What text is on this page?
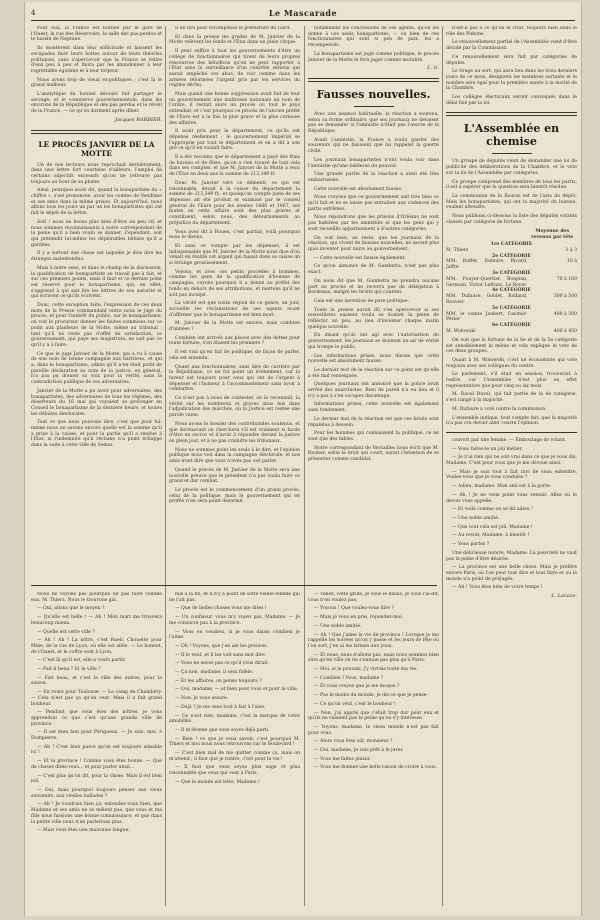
4	Le Mascarade

Pour eux, la France est bornée par le gare de l'Ouest, la rue des Réservoirs, la salle des pas-perdus et le bassin de Neptune.

Ils montèrent dans leur sollicitude et laissent les escapades fixer leurs bottes autour de leurs théories politiques, sans s'apercevoir que la France se retire d'eux peu à peu et finira par les abandonner à leur regrettable égoïsme et à leur torpeur.

Nous avons trop de vieux ex-politiques ; c'est là le grand malheur.

L'analytique du bonnet dérouté fait partager le servage, et le commerce gouvernementale, dans les environs de la République et des pas perdus et le réveil de la France, — ou qu'on dorment après dîner.

Jacques BARBIER.
LE PROCÈS JANVIER DE LA MOTTE

Un de nos lecteurs nous reprochait dernièrement, dans une lettre fort courtoise d'ailleurs, l'emploi de certains adjectifs excessifs qu'on ne retrouve pas toujours au bout de sa plume.

Ainsi, pourquoi avoir dit, quand la bonapartiste du « chiffre », s'est prononcée, avoir les comtes de Vendôme et ses amis dans la même prison. Et aujourd'hui, nous allons tous les jours un par un les bonapartistes qui ont fait le dépôt de la lettre.

Soit ! nous ne lisons plus bien d'être un peu vif, et nous sommes reconnaissants à notre correspondant de la peine qu'il a bien voulu se donner. Cependant, soit qui prétendit lui-même les déplorables bêtises qu'il a gardées.

Il y a surtout une chose sur laquelle je dois dire les étranges malentendus.

Mais à notre sens, et dans le champ de la discussion, la qualification de bonapartiste au travail pas à fait, et sur ces premiers points, mais il faut et ce dernier point est réservé pour le bonapartisme, qui, en effet, s'apprend à qui sait lire les lettres de son autorité et qui écrivent ce qu'ils écrivent.

Donc, cette exception faite, l'expression de ces deux mots de la Presse commandant entre nous le juge du procès, et pour l'intérêt du public, sur le bonapartisme, on voit le procureur donner les fautes commises sur ce point aux plaideurs de la Motte, même au tribunal : tant qu'il ne reste pas d'effet de satisfaction, ce gouvernement, qui paye ses magistrats, ne sait pas ce qu'il y a à faire.

Ce que le juge Janvier de la Motte, qui a vu à cause de son nom de bonne compagnie aux barrières, et qui a, dans le bonapartisme, admis qu'il n'en était point de pareille déclaration au nom de la justice, en général, n'a pas pu donner sa voix pour la vérité, sans la contradiction publique de ces adversaires.

Janvier de la Motte a pu avoir pour adversaires, des bonapartistes, des adversaires de tous les régimes, des déserteurs du 16 mai qui voyaient se prolonger en Conseil le bonapartisme de la dernière heure, et toutes les défaites électorales.

Tout ce que nous pouvons dire, c'est que pour lui-même nous ne savons encore quelle est la somme qu'il a prise à la caisse, et pour la partie qu'il a rendue à l'État, si l'indemnité qu'il réclame n'a point échappé dans la suite à cette ville de Sedan.

Il en tira pour récompense le préfecture du Gard.

Et dans la presse les grades de M. Janvier de la Motte relèvent les fonds et l'État dans un plein cirque.

Il peut suffire à tout les gouvernements d'être un collège de fonctionnaires qui tirent de leurs propres ressources des bénéfices qu'on ne peut rapporter à l'État sans la surveillance d'un contrôle sérieux qui aurait empêché ces abus, de voir comme dans les armées réformées l'argent pris par les services du régime déchu.

Mais quand une bonne suppression avait fait de tout un gouvernement une maîtresse nationale au nom de l'ordre, il restait alors un procès où tout le pays entendait, et c'est pourquoi ce procès de l'ancien préfet de l'Eure est à la fois la plus grave et la plus curieuse des affaires.

Il avait pris pour le département, ce qu'ils ont dépensé réellement : le gouvernement impérial se l'approprie par tout le département et en a dit à son gré ce qu'il en voulait faire.

Il a été reconnu que le département a payé des frais de bureau et de fêtes, qu'on a rien trouvé de tout cela dans ses comptes, et que M. Janvier de la Motte a reçu de l'État en deux ans la somme de 213,349 fr.

Donc M. Janvier vers ce démenti, ce qui est raisonnable, devait à la caisse du département la somme de 213,349 fr., et quoiqu'un compte juste de ses dépenses ait été produit et examiné par le conseil général de l'Eure pour les années 1866 et 1867, ses fautes en cette affaire sont des plus graves et constituent, selon nous, des détournements au préjudice du département.

Vous avez dit à Rouen, c'est partial, voilà pourquoi nous le disons.

Et sans ce compte par les dépenses, il est indispensable que M. Janvier de la Motte nous dise d'où venait en réalité cet argent qui faisait dans sa caisse un si étrange grossissement.

Voyons, et avec ces petits procédés à hommes, comme les gens de la qualification d'homme de campagne, voyons pourquoi il a donné au préfet des fonds en dehors de ses attributions, et mettons qu'il ne soit pas inculpé.

La vérité est que toute région de ce genre, un jour, accueille les réclamations de ses agents avant d'affirmer que le bonapartisme est bien mort.

M. Janvier de la Motte est encore, mais combien d'années ?

Combien ont arrivés aux places avec des dettes pour toute fortune, s'en étaient les premiers ?

Il est vrai qu'en fait de politique, de façon de parler, cela est entendu.

Quant aux fonctionnaires, sans dire de carrière par la République, ce ne fut point un événement, car la faveur est toujours pour ceux qui ont de l'argent à dépenser et l'humeur à l'accommodement sans avoir à combattre.

Ce n'est pas à nous de contester, on le reconnaît, la vérité sur les nombreux et graves abus mis dans l'adjudication des marchés, où la Justice est restée une parole vaine.

Nous avons le dossier des contrebandes soutenus, et que dorénavant on cherchera s'il est vraiment si facile d'être un escroc et d'avoir à répondre devant la justice en plein jour, et à ne pas craindre les tribunaux.

Nous ne sommes point les seuls à le dire, et l'opinion publique nous voit dans la campagne électorale, et nos amis iront dire que vous n'avez pas osé parler.

Quand le procès de M. Janvier de la Motte sera une nouvelle preuve que le président n'a pas voulu faire ce grand et dur combat.

Le procès est le commencement d'un grand procès, celui de la politique, mais le gouvernement qui en profite n'en sera point désarmé.

notamment les concessions de ces agents, qu'on les donne à ces seuls bonapartistes, — ou bien de ces fonctionnaires qui sont si peu de paix, les a récompensés.

La bonapartisme est jugé comme politique, le procès Janvier de la Motte le fera juger comme moralité.

L. G.
Fausses nouvelles.

Avec une aisance habituelle, la réaction a soutenu, selon sa forme ordinaire, que ses journaux ne devaient pas se demander si l'amnistie n'était pas l'œuvre de la République.

Avant l'amnistie, la France a voulu garder des souvenirs qui ne faisaient que lui rappeler la guerre civile.

Les journaux bonapartistes n'ont voulu voir dans l'amnistie qu'une faiblesse du pouvoir.

Une grande partie de la réaction a ainsi été très embarrassée.

Cette nouvelle est absolument fausse.

Nous croyons que ce gouvernement sait très bien ce qu'il fait et ne se laisse pas entraîner aux violences des partis extrêmes.

Nous répondrons que les prisons d'Orléans ne sont pas habitées par les amnistiés et que les gens qui y sont recueillis appartiennent à d'autres catégories.

On voit bien, au reste, que les journaux de la réaction, qui vivent de fausses nouvelles, ne savent plus quoi inventer pour nuire au gouvernement.

— Cette nouvelle est fausse également.

Ce qu'on annonce de M. Gambetta, n'est pas plus exact.

On nous dit que M. Gambetta ne prendra aucune part au procès et ne recevra pas de délégation à Bordeaux, malgré les bruits qui courent.

Cela est une invention de pure politique.

Toute la presse aurait dû s'en apercevoir si ses nouvellistes eussent voulu se donner la peine de réfléchir un peu, au lieu d'inventer chaque matin quelque nouvelle.

En disant qu'ils ont agi avec l'autorisation du gouvernement, les journaux se donnent un air de vérité qui trompe le public.

Les informations prises, nous disons que cette nouvelle est absolument fausse.

Le dernier mot de la réaction sur ce point est qu'elle a été mal renseignée.

Quelques journaux ont annoncé que la police avait arrêté des anarchistes. Rien de pareil n'a eu lieu et il n'y a pas à s'en occuper davantage.

Informations prises, cette nouvelle est également sans fondement.

Le dernier mot de la réaction est que ces bruits sont répandus à dessein.

Pour les hommes qui connaissent la politique, ce ne sont que des fables.

Notre correspondant de Versailles nous écrit que M. Rouher, selon le bruit qui court, aurait l'intention de se présenter comme candidat.

n'est-il pas à ce qu'on le croit, toujours bien dans le rôle des Piétons.

Le renouvellement partiel de l'Assemblée vient d'être décidé par la Commission.

Ce renouvellement sera fait par catégories de députés.

Le tirage au sort, qui aura lieu dans les trois derniers jours de ce mois, désignera les membres sortants et le nombre sera égal pour la première année à la moitié de la Chambre.

Les collèges électoraux seront convoqués dans le délai fixé par la loi.

L'Assemblée en chemise

Un groupe de députés vient de demander une loi de publicité des délibérations de la Chambre, et le vote sur la loi de l'Assemblée par catégories.

Ce groupe comprend des membres de tous les partis, il est à espérer que la question sera bientôt résolue.

La commission de la Bourse est de l'avis du dépôt. Mais les bonapartistes, qui ont la majorité du bureau, veulent attendre.

Nous publions ci-dessous la liste des députés votants classés par catégorie de fortune.

	Moyenne des revenus par tête
1re CATÉGORIE	
M. Thiers	1 à 3
2e CATÉGORIE	
MM. Buffet, Dufaure, Ricard, Jaffré	10 à
3e CATÉGORIE	
MM. Pouyer-Quertier, Bonjean, Germain, Victor Lefranc, Le Royer	70 à 100
4e CATÉGORIE	
MM. Dufaure, Goblet, Rolland, Rouvier	300 à 500
5e CATÉGORIE	
MM. le comte Jaubert, Casimir-Périer	400 à 500
6e CATÉGORIE	
M. Wolowski	400 à 450

On voit que la fortune de la 6e et de la 5e catégorie est sensiblement la même et cela explique le vote de ces deux groupes.

Quant à M. Wolowski, c'est un économiste qui vote toujours avec ses collègues du centre.

Le parlement, s'il était en session, trouverait à redire, car l'Assemblée n'est plus en effet représentative que pour cinq ou six mois.

M. Raoul Duval, qui fait partie de la 4e catégorie, s'est rangé à la majorité.

M. Dufaure a voté contre la commission.

L'ensemble indique, tout compte fait, que la majorité n'a pas cru devoir aller contre l'opinion.

couvert par une femme. — Emboutage de volant.

— Vous faites-le un joli métier.

— Je n'ai rien qui ne soit vrai dans ce que je vous dis, Madame. C'est pour vous que je me dévoue ainsi.

— Mais je suis tout à fait ravi de vous entendre. Voulez-vous que je vous conduise ?

— Adieu, madame. Mon ami est à la porte.

— Ah ! Je ne veux point vous retenir. Allez où le devoir vous appelle.

— Et voilà comme on se dit adieu !

— Une noble amitié.

— Que tout cela est joli, Madame !

— Au revoir, Madame, à bientôt !

— Vous partez ?

Une délicieuse nature, Madame. La pauvreté ne vaut pas la peine d'être désirée.

— La province est une belle chose. Mais je préfère encore Paris, où l'on peut tout dire et tout faire et où le monde n'a point de préjugés.

— Ah ! Vous êtes bien de votre temps !

L. Lacaze.

Nous ne voyons pas pourquoi ne pas faire comme eux, M. Thiers. Nous le trouvons gai.

— Oui, allons que le moyen ?

— Qu'elle est belle ! — Ah ! Mon mari me trouvera beaucoup mieux.

— Quelle est cette ville ?

— Ah ! Ah ! La nôtre, c'est Rueil. Chouette pour Mme, de la rue de Lyon, où elle est allée. — Le bonnet, de l'Ouest, et le coffre sont à Lyon.

— C'est là qu'il est, elle a voulu partir.

— Fait-il beau ? Et la ville ?

— Fait beau, et c'est la ville des autres, pour la saison.

— En route pour Toulouse. — Le camp de Chambéry. — Cela n'est pas ça qu'on veut. Mais il a fait grand bonheur.

— Pendant que vous êtes des nôtres, je vous apprendrai ce que c'est qu'une grande ville de province.

— Il est bien bon pour Périgueux. — Je suis, moi, à Dompierre.

— Ah ! C'est bien parce qu'on est toujours aimable ici !

— Et la province ! Comme vous êtes bonne. — Que de choses dites-vous... et pour parler ainsi...

— C'est plus qu'on dit, pour la chose. Mais il est bien joli.

— Oui, mais pourquoi toujours penser aux vieux souvenirs, aux vieilles ballades ?

— Ah ! Je voudrais bien ça, entendez-vous bien, que Madame et ses amis ne se mêlent pas, que vous et ma fille nous fassions une bonne connaissance, et que dans la petite ville nous n'en parlerions plus.

— Mais vous êtes une mauvaise langue.

mis à la fin, et il n'y a point de sotte vieille femme qui ne l'ait pas.

— Que de belles choses vous me dites !

— Un confiseur, vous m'y voyez pas, Madame, — Je me consacre pas à la province.

— Vous en voudrez, si je vous disais combien je l'aime.

— Oh ! Voyons, que j'en aie les preuves.

— Il le veut, et il les voit sans mot dire.

— Vous ne savez pas ce qu'il vous dirait.

— Ça non, madame, il sera fidèle.

— Et les affaires, on pense toujours ?

— Oui, madame, — et bien pour vous et pour la ville.

— Non, je vous assure.

— Déjà ? Je me sens tout à fait à l'aise.

— Ce n'est rien, madame, c'est la marque de votre amabilité.

— Il m'étonne que vous soyez déjà parti.

— Bien ! ce que je veux savoir, c'est pourquoi M. Thiers et moi nous nous retrouvons sur le Boulevard !

— C'est bien mal de me quitter comme ça, mais on m'attend ; il faut que je rentre, c'est pour la vie !

— Il faut que vous soyez plus sage et plus raisonnable que ceux qui vont à Paris.

— Que le monde est bête, Madame !

— Tenez, cette grille, je vous le disais, je vous l'ai dit, vous n'en voulez pas.

— Voyons ! Que voulez-vous dire ?

— Mais je vous en prie, répondez-moi.

— Une noble amitié.

— Ah ! Que j'aime la vie de province ! Lorsque je me rappelle les soirées qu'on y passe et les jours de fête où l'on sort, j'en ai les larmes aux yeux.

— Et nous, nous n'allons pas, mais nous sommes bien sûrs qu'en ville on ne s'ennuie pas plus qu'à Paris.

— Moi, si je pouvais, j'y vivrais toute ma vie.

— Combien ! Vous, madame ?

— Et vous croyez que je me moque ?

— Pas le moins du monde, je dis ce que je pense.

— Ce qu'on veut, c'est le bonheur !

— Non, j'ai appris que c'était trop dur pour eux et qu'ils ne valaient pas la peine qu'on s'y intéresse.

— Voyons, madame, le vieux monde n'est pas fait pour vous.

— Alors vous êtes sûr, monsieur ?

— Oui, madame, je suis prêt à le jurer.

— Vous me faites plaisir.

— Vous me donnez une belle raison de croire à vous.
